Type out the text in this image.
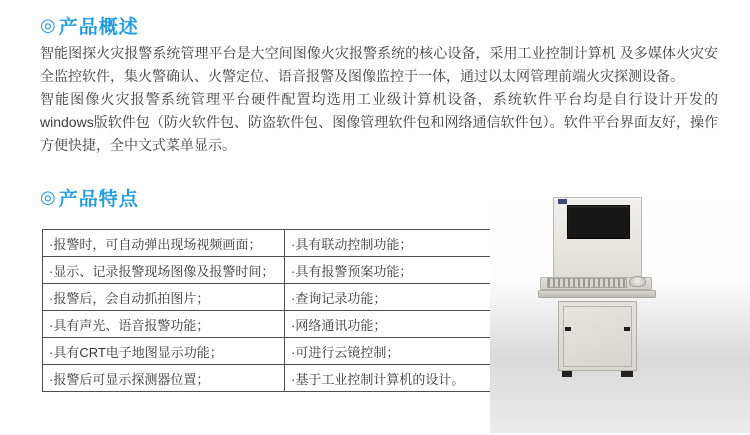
◎ 产品概述

智能图探火灾报警系统管理平台是大空间图像火灾报警系统的核心设备，采用工业控制计算机 及多媒体火灾安全监控软件，集火警确认、火警定位、语音报警及图像监控于一体，通过以太网管理前端火灾探测设备。

智能图像火灾报警系统管理平台硬件配置均选用工业级计算机设备，系统软件平台均是自行设计开发的windows版软件包（防火软件包、防盗软件包、图像管理软件包和网络通信软件包）。软件平台界面友好，操作方便快捷，全中文式菜单显示。

◎ 产品特点
·报警时，可自动弹出现场视频画面；	·具有联动控制功能；
·显示、记录报警现场图像及报警时间；	·具有报警预案功能；
·报警后，会自动抓拍图片；	·查询记录功能；
·具有声光、语音报警功能；	·网络通讯功能；
·具有CRT电子地图显示功能；	·可进行云镜控制；
·报警后可显示探测器位置；	·基于工业控制计算机的设计。
